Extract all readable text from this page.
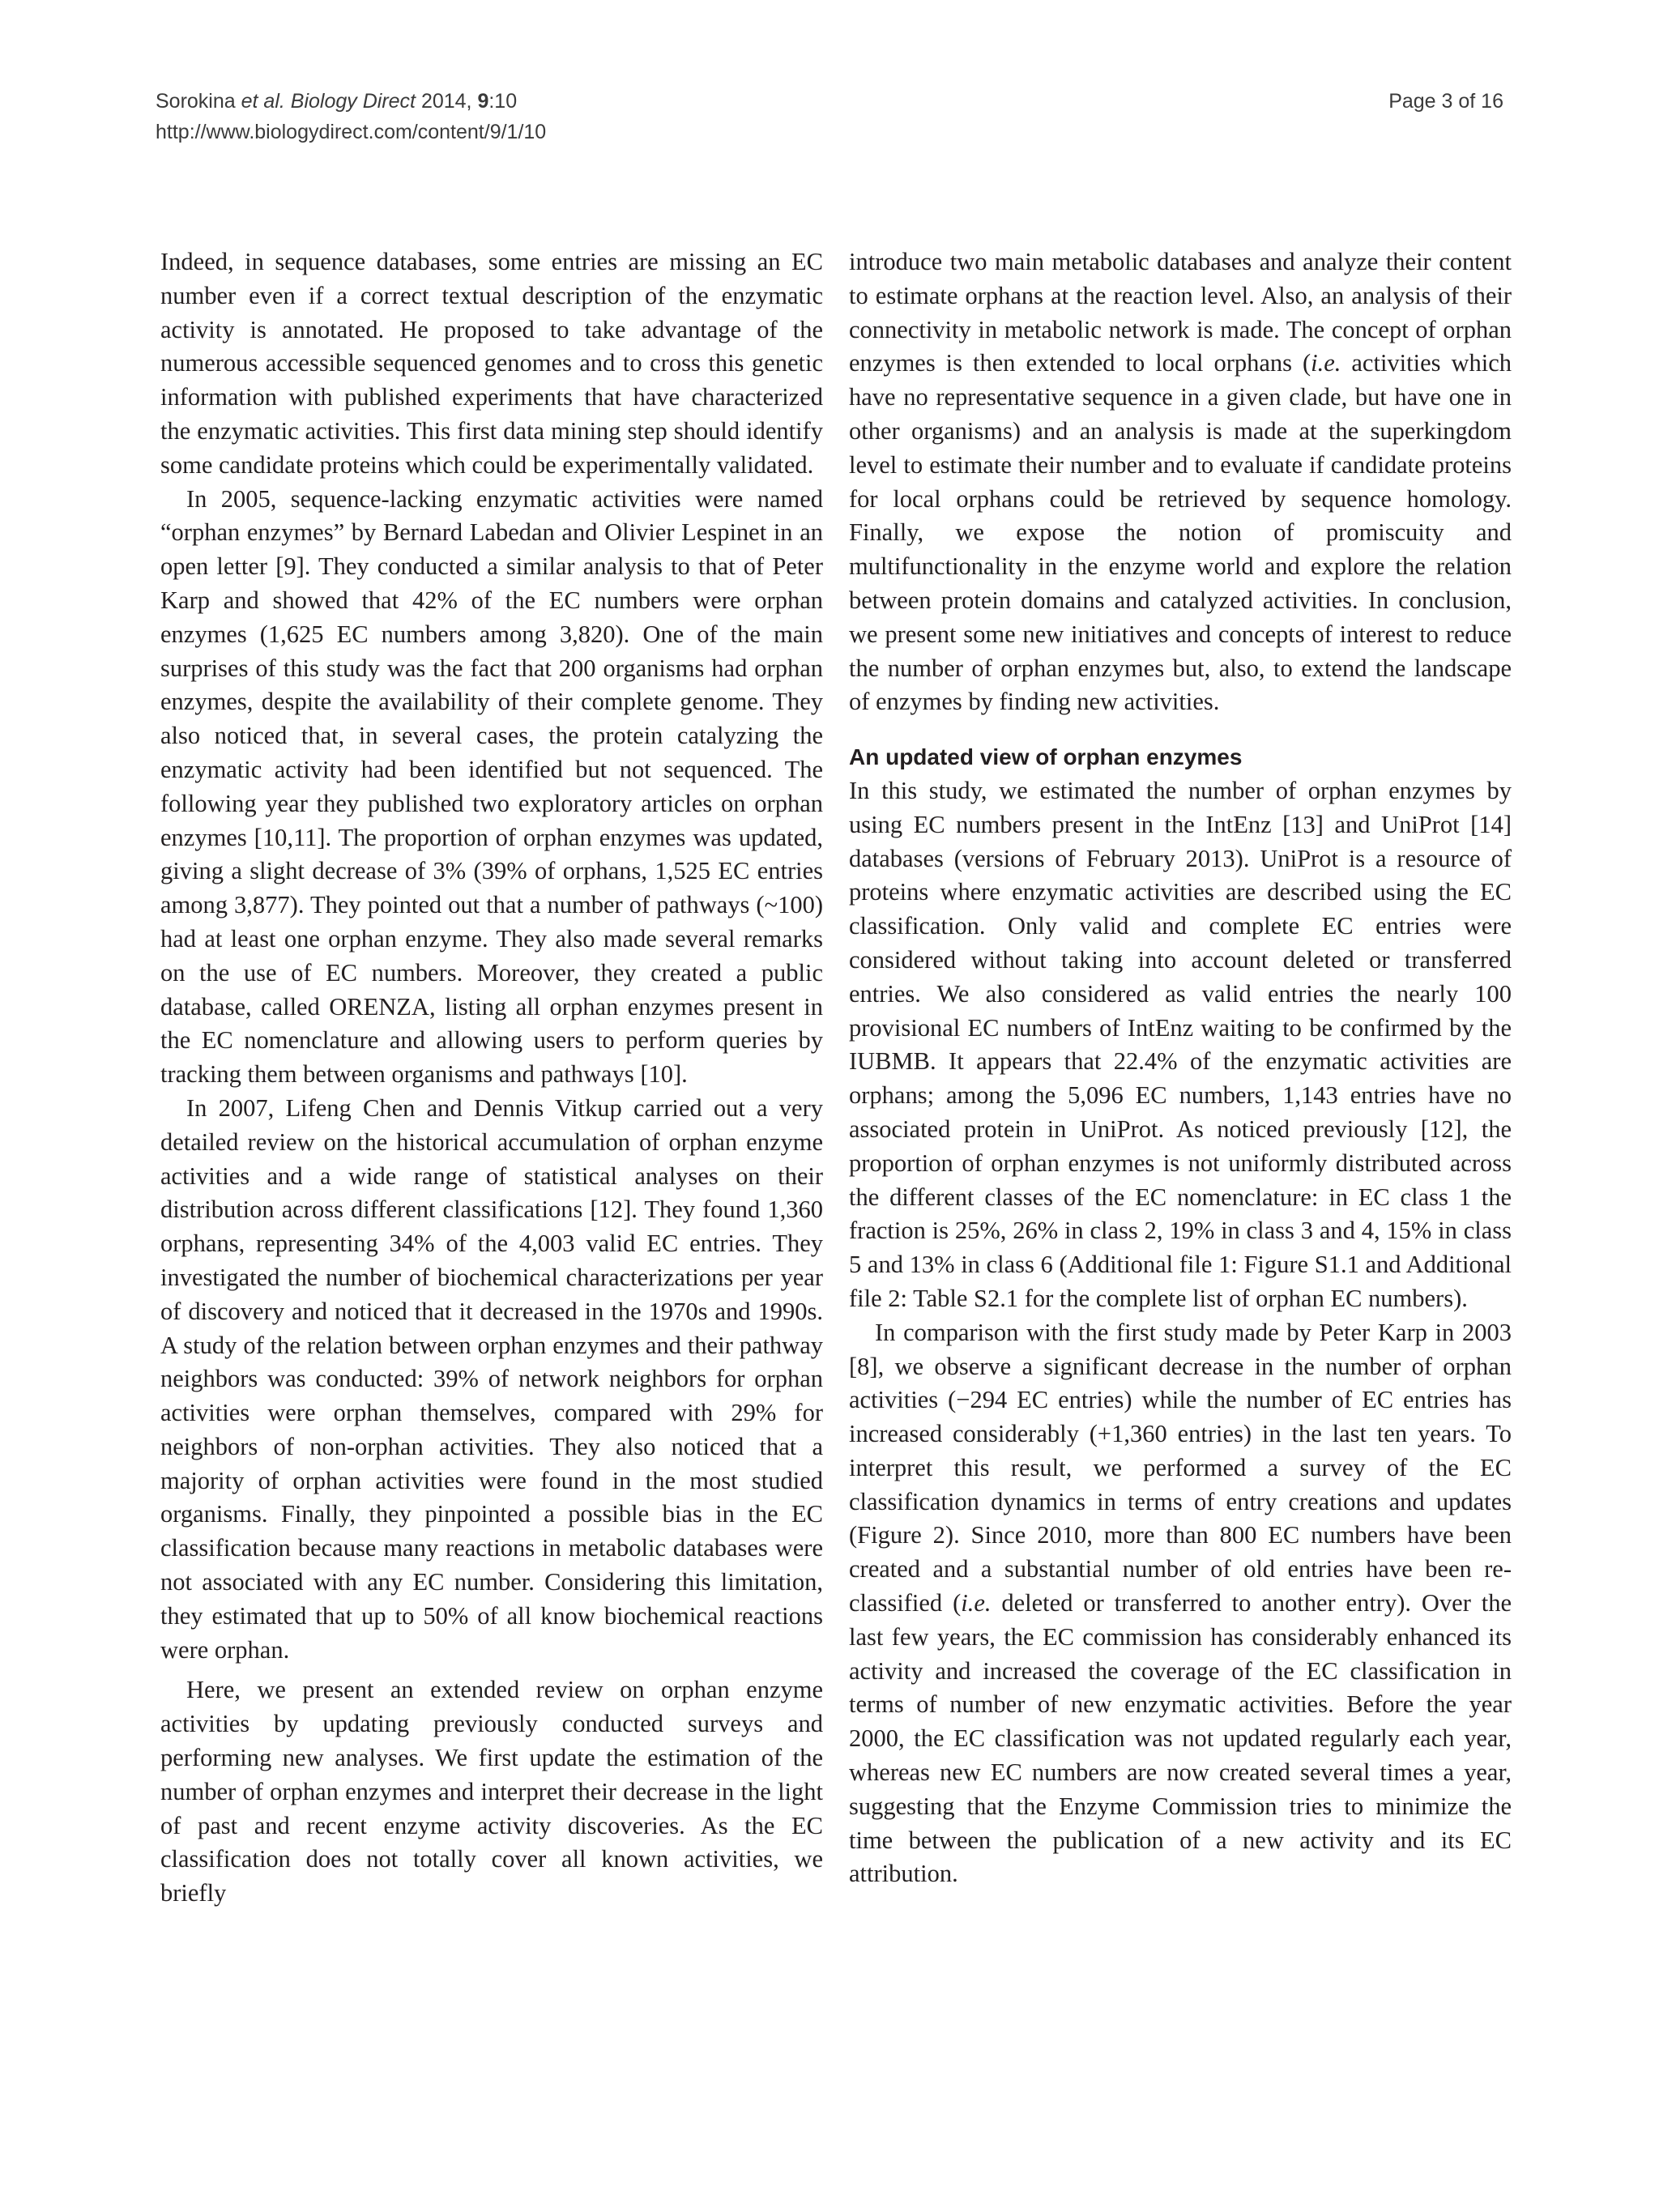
Sorokina et al. Biology Direct 2014, 9:10
http://www.biologydirect.com/content/9/1/10
Page 3 of 16

Indeed, in sequence databases, some entries are missing an EC number even if a correct textual description of the enzymatic activity is annotated. He proposed to take advantage of the numerous accessible sequenced genomes and to cross this genetic information with published experiments that have characterized the enzymatic activities. This first data mining step should identify some candidate proteins which could be experimentally validated.

In 2005, sequence-lacking enzymatic activities were named “orphan enzymes” by Bernard Labedan and Olivier Lespinet in an open letter [9]. They conducted a similar analysis to that of Peter Karp and showed that 42% of the EC numbers were orphan enzymes (1,625 EC numbers among 3,820). One of the main surprises of this study was the fact that 200 organisms had orphan enzymes, despite the availability of their complete genome. They also noticed that, in several cases, the protein catalyzing the enzymatic activity had been identified but not sequenced. The following year they published two exploratory articles on orphan enzymes [10,11]. The proportion of orphan enzymes was updated, giving a slight decrease of 3% (39% of orphans, 1,525 EC entries among 3,877). They pointed out that a number of pathways (~100) had at least one orphan enzyme. They also made several remarks on the use of EC numbers. Moreover, they created a public database, called ORENZA, listing all orphan enzymes present in the EC nomenclature and allowing users to perform queries by tracking them between organisms and pathways [10].

In 2007, Lifeng Chen and Dennis Vitkup carried out a very detailed review on the historical accumulation of orphan enzyme activities and a wide range of statistical analyses on their distribution across different classifications [12]. They found 1,360 orphans, representing 34% of the 4,003 valid EC entries. They investigated the number of biochemical characterizations per year of discovery and noticed that it decreased in the 1970s and 1990s. A study of the relation between orphan enzymes and their pathway neighbors was conducted: 39% of network neighbors for orphan activities were orphan themselves, compared with 29% for neighbors of non-orphan activities. They also noticed that a majority of orphan activities were found in the most studied organisms. Finally, they pinpointed a possible bias in the EC classification because many reactions in metabolic databases were not associated with any EC number. Considering this limitation, they estimated that up to 50% of all know biochemical reactions were orphan.

Here, we present an extended review on orphan enzyme activities by updating previously conducted surveys and performing new analyses. We first update the estimation of the number of orphan enzymes and interpret their decrease in the light of past and recent enzyme activity discoveries. As the EC classification does not totally cover all known activities, we briefly

introduce two main metabolic databases and analyze their content to estimate orphans at the reaction level. Also, an analysis of their connectivity in metabolic network is made. The concept of orphan enzymes is then extended to local orphans (i.e. activities which have no representative sequence in a given clade, but have one in other organisms) and an analysis is made at the superkingdom level to estimate their number and to evaluate if candidate proteins for local orphans could be retrieved by sequence homology. Finally, we expose the notion of promiscuity and multifunctionality in the enzyme world and explore the relation between protein domains and catalyzed activities. In conclusion, we present some new initiatives and concepts of interest to reduce the number of orphan enzymes but, also, to extend the landscape of enzymes by finding new activities.

An updated view of orphan enzymes

In this study, we estimated the number of orphan enzymes by using EC numbers present in the IntEnz [13] and UniProt [14] databases (versions of February 2013). UniProt is a resource of proteins where enzymatic activities are described using the EC classification. Only valid and complete EC entries were considered without taking into account deleted or transferred entries. We also considered as valid entries the nearly 100 provisional EC numbers of IntEnz waiting to be confirmed by the IUBMB. It appears that 22.4% of the enzymatic activities are orphans; among the 5,096 EC numbers, 1,143 entries have no associated protein in UniProt. As noticed previously [12], the proportion of orphan enzymes is not uniformly distributed across the different classes of the EC nomenclature: in EC class 1 the fraction is 25%, 26% in class 2, 19% in class 3 and 4, 15% in class 5 and 13% in class 6 (Additional file 1: Figure S1.1 and Additional file 2: Table S2.1 for the complete list of orphan EC numbers).

In comparison with the first study made by Peter Karp in 2003 [8], we observe a significant decrease in the number of orphan activities (−294 EC entries) while the number of EC entries has increased considerably (+1,360 entries) in the last ten years. To interpret this result, we performed a survey of the EC classification dynamics in terms of entry creations and updates (Figure 2). Since 2010, more than 800 EC numbers have been created and a substantial number of old entries have been re-classified (i.e. deleted or transferred to another entry). Over the last few years, the EC commission has considerably enhanced its activity and increased the coverage of the EC classification in terms of number of new enzymatic activities. Before the year 2000, the EC classification was not updated regularly each year, whereas new EC numbers are now created several times a year, suggesting that the Enzyme Commission tries to minimize the time between the publication of a new activity and its EC attribution.
